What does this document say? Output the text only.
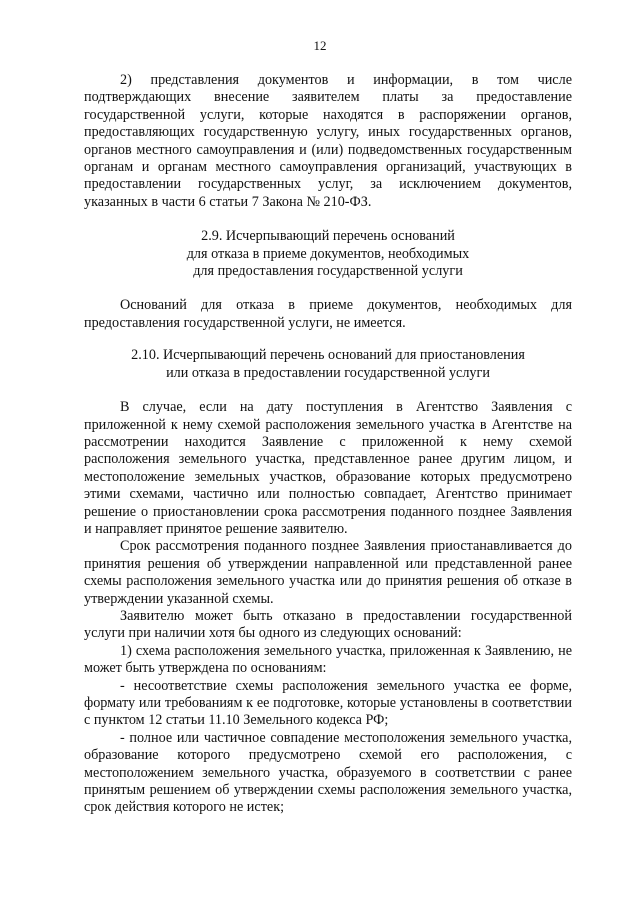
12

2) представления документов и информации, в том числе подтверждающих внесение заявителем платы за предоставление государственной услуги, которые находятся в распоряжении органов, предоставляющих государственную услугу, иных государственных органов, органов местного самоуправления и (или) подведомственных государственным органам и органам местного самоуправления организаций, участвующих в предоставлении государственных услуг, за исключением документов, указанных в части 6 статьи 7 Закона № 210-ФЗ.

2.9. Исчерпывающий перечень оснований

для отказа в приеме документов, необходимых

для предоставления государственной услуги

Оснований для отказа в приеме документов, необходимых для предоставления государственной услуги, не имеется.

2.10. Исчерпывающий перечень оснований для приостановления

или отказа в предоставлении государственной услуги

В случае, если на дату поступления в Агентство Заявления с приложенной к нему схемой расположения земельного участка в Агентстве на рассмотрении находится Заявление с приложенной к нему схемой расположения земельного участка, представленное ранее другим лицом, и местоположение земельных участков, образование которых предусмотрено этими схемами, частично или полностью совпадает, Агентство принимает решение о приостановлении срока рассмотрения поданного позднее Заявления и направляет принятое решение заявителю.

Срок рассмотрения поданного позднее Заявления приостанавливается до принятия решения об утверждении направленной или представленной ранее схемы расположения земельного участка или до принятия решения об отказе в утверждении указанной схемы.

Заявителю может быть отказано в предоставлении государственной услуги при наличии хотя бы одного из следующих оснований:

1) схема расположения земельного участка, приложенная к Заявлению, не может быть утверждена по основаниям:

- несоответствие схемы расположения земельного участка ее форме, формату или требованиям к ее подготовке, которые установлены в соответствии с пунктом 12 статьи 11.10 Земельного кодекса РФ;

- полное или частичное совпадение местоположения земельного участка, образование которого предусмотрено схемой его расположения, с местоположением земельного участка, образуемого в соответствии с ранее принятым решением об утверждении схемы расположения земельного участка, срок действия которого не истек;
